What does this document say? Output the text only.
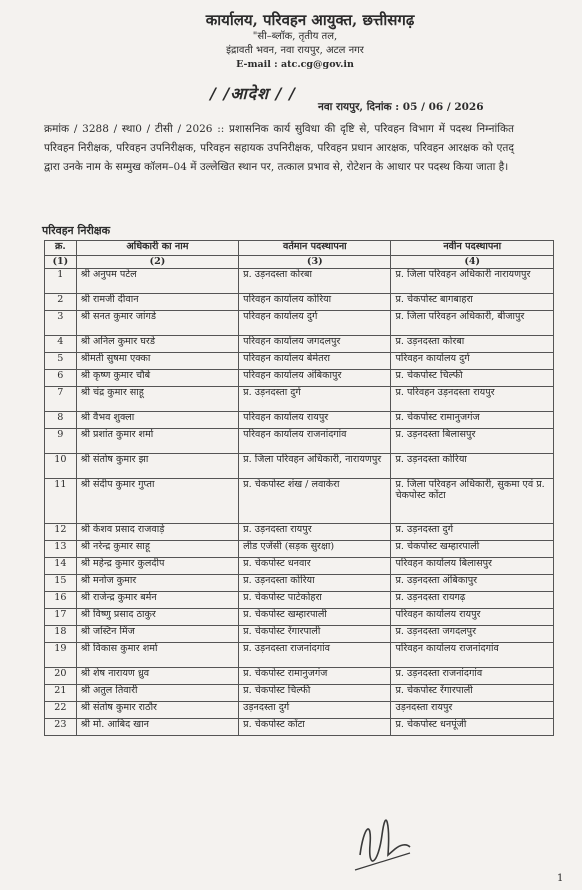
कार्यालय, परिवहन आयुक्त, छत्तीसगढ़
"सी–ब्लॉक, तृतीय तल,
इंद्रावती भवन, नवा रायपुर, अटल नगर
E-mail : atc.cg@gov.in
/ /आदेश / /
नवा रायपुर, दिनांक : 05 / 06 / 2026
क्रमांक / 3288 / स्था0 / टीसी / 2026 :: प्रशासनिक कार्य सुविधा की दृष्टि से, परिवहन विभाग में पदस्थ निम्नांकित परिवहन निरीक्षक, परिवहन उपनिरीक्षक, परिवहन सहायक उपनिरीक्षक, परिवहन प्रधान आरक्षक, परिवहन आरक्षक को एतद् द्वारा उनके नाम के सम्मुख कॉलम–04 में उल्लेखित स्थान पर, तत्काल प्रभाव से, रोटेशन के आधार पर पदस्थ किया जाता है।
परिवहन निरीक्षक
क्र.	अधिकारी का नाम	वर्तमान पदस्थापना	नवीन पदस्थापना
(1)	(2)	(3)	(4)
1	श्री अनुपम पटेल	प्र. उड़नदस्ता कोरबा	प्र. जिला परिवहन अधिकारी नारायणपुर
2	श्री रामजी दीवान	परिवहन कार्यालय कोरिया	प्र. चेकपोस्ट बागबाहरा
3	श्री सनत कुमार जांगडे	परिवहन कार्यालय दुर्ग	प्र. जिला परिवहन अधिकारी, बीजापुर
4	श्री अनिल कुमार घरडे	परिवहन कार्यालय जगदलपुर	प्र. उड़नदस्ता कोरबा
5	श्रीमती सुषमा एक्का	परिवहन कार्यालय बेमेतरा	परिवहन कार्यालय दुर्ग
6	श्री कृष्ण कुमार चौबे	परिवहन कार्यालय अंबिकापुर	प्र. चेकपोस्ट चिल्फी
7	श्री चंद्र कुमार साहू	प्र. उड़नदस्ता दुर्ग	प्र. परिवहन उड़नदस्ता रायपुर
8	श्री वैभव शुक्ला	परिवहन कार्यालय रायपुर	प्र. चेकपोस्ट रामानुजगंज
9	श्री प्रशांत कुमार शर्मा	परिवहन कार्यालय राजनांदगांव	प्र. उड़नदस्ता बिलासपुर
10	श्री संतोष कुमार झा	प्र. जिला परिवहन अधिकारी, नारायणपुर	प्र. उड़नदस्ता कोरिया
11	श्री संदीप कुमार गुप्ता	प्र. चेकपोस्ट शंख / लवाकेरा	प्र. जिला परिवहन अधिकारी, सुकमा एवं प्र. चेकपोस्ट कोंटा
12	श्री केशव प्रसाद राजवाड़े	प्र. उड़नदस्ता रायपुर	प्र. उड़नदस्ता दुर्ग
13	श्री नरेन्द्र कुमार साहू	लीड एजेंसी (सड़क सुरक्षा)	प्र. चेकपोस्ट खम्हारपाली
14	श्री महेन्द्र कुमार कुलदीप	प्र. चेकपोस्ट धनवार	परिवहन कार्यालय बिलासपुर
15	श्री मनोज कुमार	प्र. उड़नदस्ता कोरिया	प्र. उड़नदस्ता अंबिकापुर
16	श्री राजेन्द्र कुमार बर्मन	प्र. चेकपोस्ट पाटेकोहरा	प्र. उड़नदस्ता रायगढ़
17	श्री विष्णु प्रसाद ठाकुर	प्र. चेकपोस्ट खम्हारपाली	परिवहन कार्यालय रायपुर
18	श्री जस्टिन मिंज	प्र. चेकपोस्ट रेंगारपाली	प्र. उड़नदस्ता जगदलपुर
19	श्री विकास कुमार शर्मा	प्र. उड़नदस्ता राजनांदगांव	परिवहन कार्यालय राजनांदगांव
20	श्री शेष नारायण ध्रुव	प्र. चेकपोस्ट रामानुजगंज	प्र. उड़नदस्ता राजनांदगांव
21	श्री अतुल तिवारी	प्र. चेकपोस्ट चिल्फी	प्र. चेकपोस्ट रेंगारपाली
22	श्री संतोष कुमार राठौर	उड़नदस्ता दुर्ग	उड़नदस्ता रायपुर
23	श्री मो. आबिद खान	प्र. चेकपोस्ट कोंटा	प्र. चेकपोस्ट धनपूंजी
1
